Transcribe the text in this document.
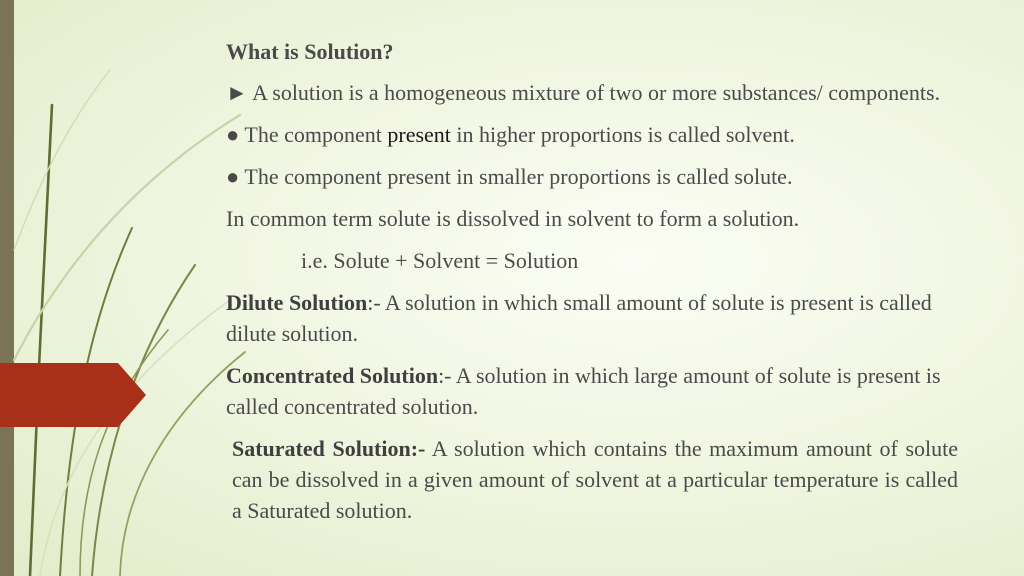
What is Solution?

► A solution is a homogeneous mixture of two or more substances/ components.

● The component present in higher proportions is called solvent.

● The component present in smaller proportions is called solute.

In common term solute is dissolved in solvent to form a solution.

i.e. Solute + Solvent = Solution

Dilute Solution:- A solution in which small amount of solute is present is called dilute solution.

Concentrated Solution:- A solution in which large amount of solute is present is called concentrated solution.

Saturated Solution:- A solution which contains the maximum amount of solute can be dissolved in a given amount of solvent at a particular temperature is called a Saturated solution.
